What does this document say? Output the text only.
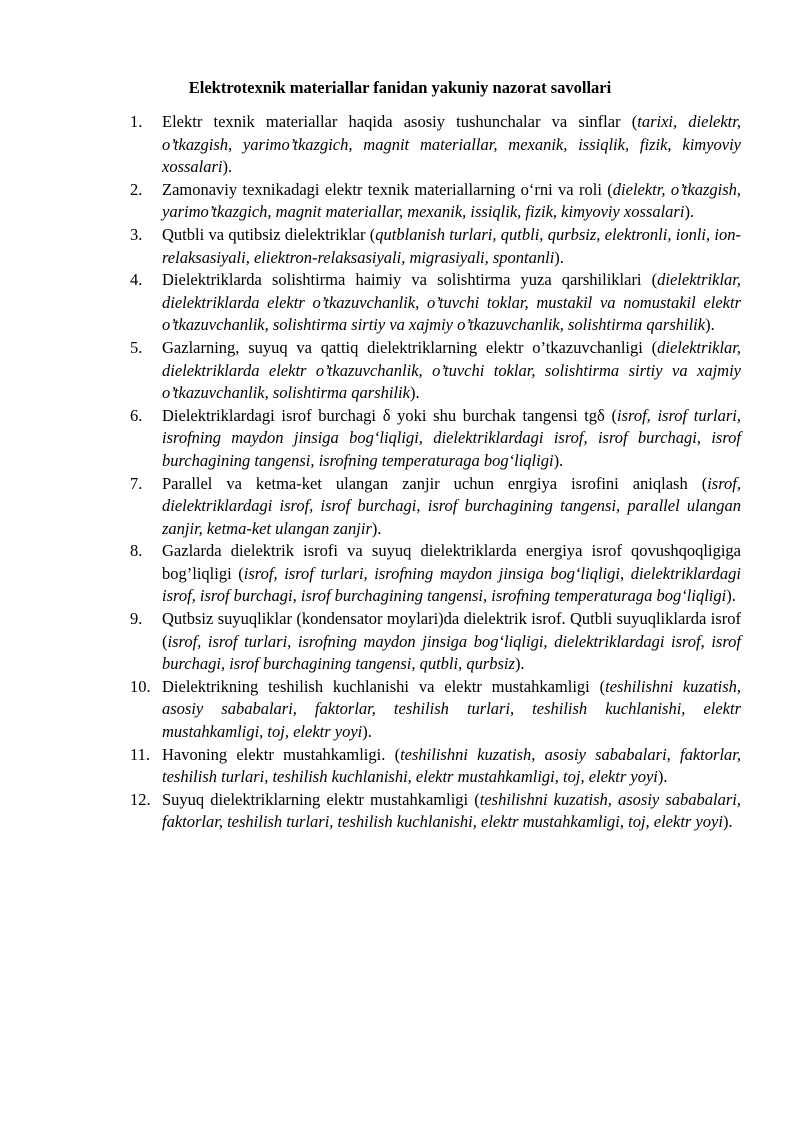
Elektrotexnik materiallar fanidan yakuniy nazorat savollari
1. Elektr texnik materiallar haqida asosiy tushunchalar va sinflar (tarixi, dielektr, o’tkazgish, yarimo’tkazgich, magnit materiallar, mexanik, issiqlik, fizik, kimyoviy xossalari).
2. Zamonaviy texnikadagi elektr texnik materiallarning o‘rni va roli (dielektr, o’tkazgish, yarimo’tkazgich, magnit materiallar, mexanik, issiqlik, fizik, kimyoviy xossalari).
3. Qutbli va qutibsiz dielektriklar (qutblanish turlari, qutbli, qurbsiz, elektronli, ionli, ion-relaksasiyali, eliektron-relaksasiyali, migrasiyali, spontanli).
4. Dielektriklarda solishtirma haimiy va solishtirma yuza qarshiliklari (dielektriklar, dielektriklarda elektr o’tkazuvchanlik, o’tuvchi toklar, mustakil va nomustakil elektr o’tkazuvchanlik, solishtirma sirtiy va xajmiy o’tkazuvchanlik, solishtirma qarshilik).
5. Gazlarning, suyuq va qattiq dielektriklarning elektr o’tkazuvchanligi (dielektriklar, dielektriklarda elektr o’tkazuvchanlik, o’tuvchi toklar, solishtirma sirtiy va xajmiy o’tkazuvchanlik, solishtirma qarshilik).
6. Dielektriklardagi isrof burchagi δ yoki shu burchak tangensi tgδ (isrof, isrof turlari, isrofning maydon jinsiga bog‘liqligi, dielektriklardagi isrof, isrof burchagi, isrof burchagining tangensi, isrofning temperaturaga bog‘liqligi).
7. Parallel va ketma-ket ulangan zanjir uchun enrgiya isrofini aniqlash (isrof, dielektriklardagi isrof, isrof burchagi, isrof burchagining tangensi, parallel ulangan zanjir, ketma-ket ulangan zanjir).
8. Gazlarda dielektrik isrofi va suyuq dielektriklarda energiya isrof qovushqoqligiga bog’liqligi (isrof, isrof turlari, isrofning maydon jinsiga bog‘liqligi, dielektriklardagi isrof, isrof burchagi, isrof burchagining tangensi, isrofning temperaturaga bog‘liqligi).
9. Qutbsiz suyuqliklar (kondensator moylari)da dielektrik isrof. Qutbli suyuqliklarda isrof (isrof, isrof turlari, isrofning maydon jinsiga bog‘liqligi, dielektriklardagi isrof, isrof burchagi, isrof burchagining tangensi, qutbli, qurbsiz).
10. Dielektrikning teshilish kuchlanishi va elektr mustahkamligi (teshilishni kuzatish, asosiy sababalari, faktorlar, teshilish turlari, teshilish kuchlanishi, elektr mustahkamligi, toj, elektr yoyi).
11. Havoning elektr mustahkamligi. (teshilishni kuzatish, asosiy sababalari, faktorlar, teshilish turlari, teshilish kuchlanishi, elektr mustahkamligi, toj, elektr yoyi).
12. Suyuq dielektriklarning elektr mustahkamligi (teshilishni kuzatish, asosiy sababalari, faktorlar, teshilish turlari, teshilish kuchlanishi, elektr mustahkamligi, toj, elektr yoyi).
